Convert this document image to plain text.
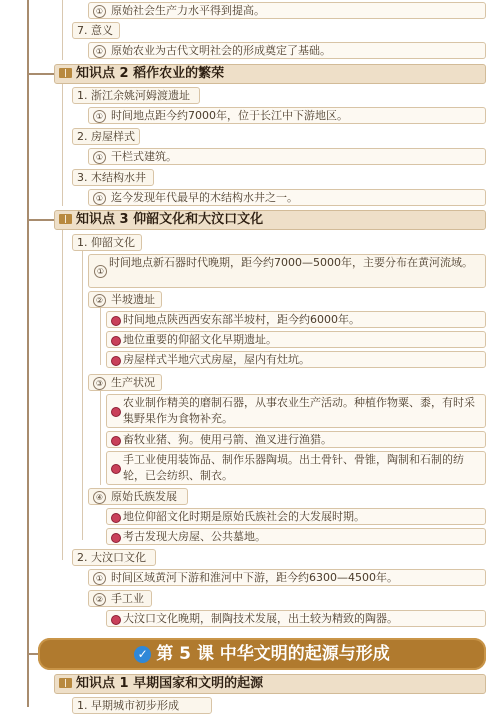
① 原始社会生产力水平得到提高。
7. 意义
① 原始农业为古代文明社会的形成奠定了基础。
知识点 2 稻作农业的繁荣
1. 浙江余姚河姆渡遗址
① 时间地点距今约7000年，位于长江中下游地区。
2. 房屋样式
① 干栏式建筑。
3. 木结构水井
① 迄今发现年代最早的木结构水井之一。
知识点 3 仰韶文化和大汶口文化
1. 仰韶文化
①
时间地点新石器时代晚期，距今约7000—5000年，主要分布在黄河流域。
② 半坡遗址
时间地点陕西西安东部半坡村，距今约6000年。
地位重要的仰韶文化早期遗址。
房屋样式半地穴式房屋，屋内有灶坑。
③ 生产状况
农业制作精美的磨制石器，从事农业生产活动。种植作物粟、黍，有时采集野果作为食物补充。
畜牧业猪、狗。使用弓箭、渔叉进行渔猎。
手工业使用装饰品、制作乐器陶埙。出土骨针、骨锥，陶制和石制的纺轮，已会纺织、制衣。
④ 原始氏族发展
地位仰韶文化时期是原始氏族社会的大发展时期。
考古发现大房屋、公共墓地。
2. 大汶口文化
① 时间区域黄河下游和淮河中下游，距今约6300—4500年。
② 手工业
大汶口文化晚期，制陶技术发展，出土较为精致的陶器。
✓ 第 5 课 中华文明的起源与形成
知识点 1 早期国家和文明的起源
1. 早期城市初步形成
